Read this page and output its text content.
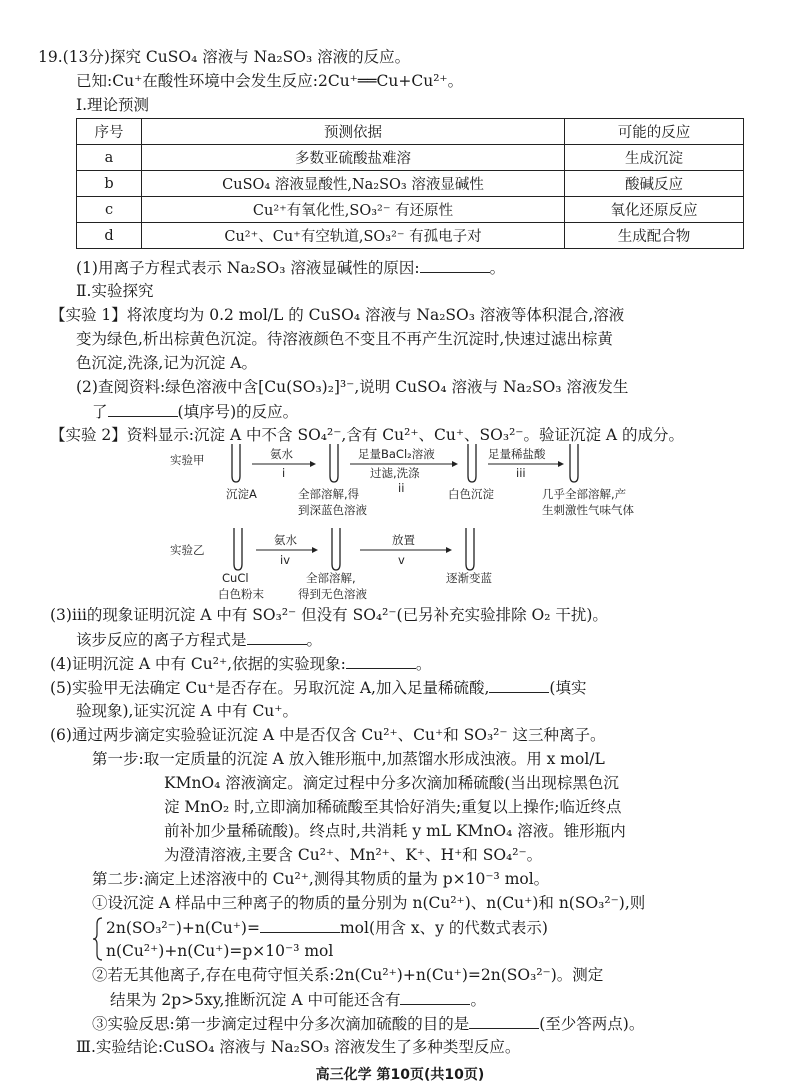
19.(13分)探究 CuSO₄ 溶液与 Na₂SO₃ 溶液的反应。
已知:Cu⁺在酸性环境中会发生反应:2Cu⁺══Cu+Cu²⁺。
Ⅰ.理论预测
序号	预测依据	可能的反应
a	多数亚硫酸盐难溶	生成沉淀
b	CuSO₄ 溶液显酸性,Na₂SO₃ 溶液显碱性	酸碱反应
c	Cu²⁺有氧化性,SO₃²⁻ 有还原性	氧化还原反应
d	Cu²⁺、Cu⁺有空轨道,SO₃²⁻ 有孤电子对	生成配合物
(1)用离子方程式表示 Na₂SO₃ 溶液显碱性的原因:	。
Ⅱ.实验探究
【实验 1】将浓度均为 0.2 mol/L 的 CuSO₄ 溶液与 Na₂SO₃ 溶液等体积混合,溶液
变为绿色,析出棕黄色沉淀。待溶液颜色不变且不再产生沉淀时,快速过滤出棕黄
色沉淀,洗涤,记为沉淀 A。
(2)查阅资料:绿色溶液中含[Cu(SO₃)₂]³⁻,说明 CuSO₄ 溶液与 Na₂SO₃ 溶液发生
了	(填序号)的反应。
【实验 2】资料显示:沉淀 A 中不含 SO₄²⁻,含有 Cu²⁺、Cu⁺、SO₃²⁻。验证沉淀 A 的成分。
实验甲
沉淀A
氨水
i
全部溶解,得
到深蓝色溶液
足量BaCl₂溶液
过滤,洗涤
ii	白色沉淀
足量稀盐酸
iii
几乎全部溶解,产
生刺激性气味气体
实验乙
CuCl
白色粉末
氨水
iv
全部溶解,
得到无色溶液
放置
v
逐渐变蓝
(3)ⅲ的现象证明沉淀 A 中有 SO₃²⁻ 但没有 SO₄²⁻(已另补充实验排除 O₂ 干扰)。
该步反应的离子方程式是	。
(4)证明沉淀 A 中有 Cu²⁺,依据的实验现象:	。
(5)实验甲无法确定 Cu⁺是否存在。另取沉淀 A,加入足量稀硫酸,	(填实
验现象),证实沉淀 A 中有 Cu⁺。
(6)通过两步滴定实验验证沉淀 A 中是否仅含 Cu²⁺、Cu⁺和 SO₃²⁻ 这三种离子。
第一步:取一定质量的沉淀 A 放入锥形瓶中,加蒸馏水形成浊液。用 x mol/L
KMnO₄ 溶液滴定。滴定过程中分多次滴加稀硫酸(当出现棕黑色沉
淀 MnO₂ 时,立即滴加稀硫酸至其恰好消失;重复以上操作;临近终点
前补加少量稀硫酸)。终点时,共消耗 y mL KMnO₄ 溶液。锥形瓶内
为澄清溶液,主要含 Cu²⁺、Mn²⁺、K⁺、H⁺和 SO₄²⁻。
第二步:滴定上述溶液中的 Cu²⁺,测得其物质的量为 p×10⁻³ mol。
①设沉淀 A 样品中三种离子的物质的量分别为 n(Cu²⁺)、n(Cu⁺)和 n(SO₃²⁻),则
2n(SO₃²⁻)+n(Cu⁺)=	mol(用含 x、y 的代数式表示)
n(Cu²⁺)+n(Cu⁺)=p×10⁻³ mol
②若无其他离子,存在电荷守恒关系:2n(Cu²⁺)+n(Cu⁺)=2n(SO₃²⁻)。测定
结果为 2p>5xy,推断沉淀 A 中可能还含有	。
③实验反思:第一步滴定过程中分多次滴加硫酸的目的是	(至少答两点)。
Ⅲ.实验结论:CuSO₄ 溶液与 Na₂SO₃ 溶液发生了多种类型反应。
高三化学 第10页(共10页)
